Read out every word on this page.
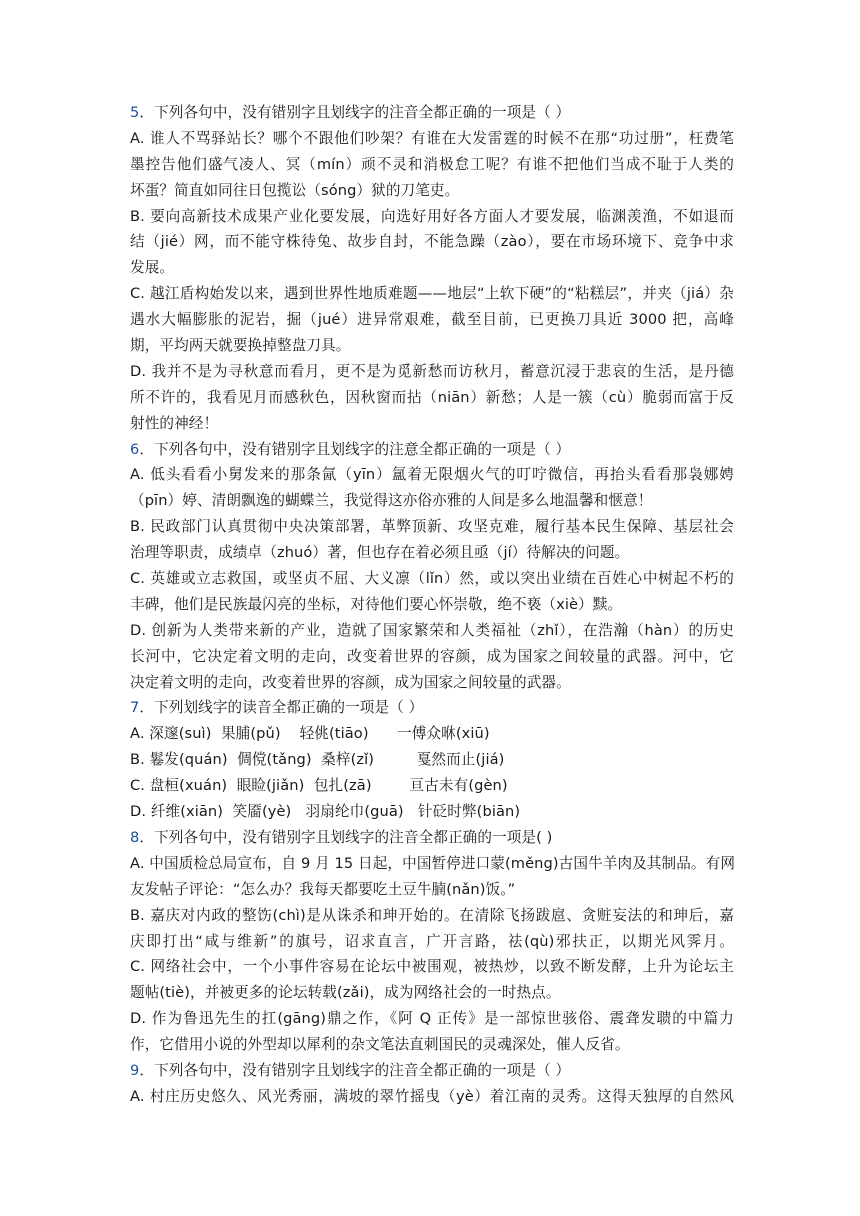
5．下列各句中，没有错别字且划线字的注音全都正确的一项是（ ）
A. 谁人不骂驿站长？哪个不跟他们吵架？有谁在大发雷霆的时候不在那“功过册”，枉费笔
墨控告他们盛气凌人、冥（mín）顽不灵和消极怠工呢？有谁不把他们当成不耻于人类的
坏蛋？简直如同往日包揽讼（sóng）狱的刀笔吏。
B. 要向高新技术成果产业化要发展，向选好用好各方面人才要发展，临渊羡渔，不如退而
结（jié）网，而不能守株待兔、故步自封，不能急躁（zào），要在市场环境下、竞争中求
发展。
C. 越江盾构始发以来，遇到世界性地质难题——地层“上软下硬”的“粘糕层”，并夹（jiá）杂
遇水大幅膨胀的泥岩，掘（jué）进异常艰难，截至目前，已更换刀具近 3000 把，高峰
期，平均两天就要换掉整盘刀具。
D. 我并不是为寻秋意而看月，更不是为觅新愁而访秋月，蓄意沉浸于悲哀的生活，是丹德
所不许的，我看见月而感秋色，因秋窗而拈（niān）新愁；人是一簇（cù）脆弱而富于反
射性的神经！
6．下列各句中，没有错别字且划线字的注意全都正确的一项是（ ）
A. 低头看看小舅发来的那条氤（yīn）氲着无限烟火气的叮咛微信，再抬头看看那袅娜娉
（pīn）婷、清朗飘逸的蝴蝶兰，我觉得这亦俗亦雅的人间是多么地温馨和惬意！
B. 民政部门认真贯彻中央决策部署，革弊顶新、攻坚克难，履行基本民生保障、基层社会
治理等职责，成绩卓（zhuó）著，但也存在着必须且亟（jí）待解决的问题。
C. 英雄或立志救国，或坚贞不屈、大义凛（lǐn）然，或以突出业绩在百姓心中树起不朽的
丰碑，他们是民族最闪亮的坐标，对待他们要心怀崇敬，绝不亵（xiè）黩。
D. 创新为人类带来新的产业，造就了国家繁荣和人类福祉（zhǐ），在浩瀚（hàn）的历史
长河中，它决定着文明的走向，改变着世界的容颜，成为国家之间较量的武器。河中，它
决定着文明的走向，改变着世界的容颜，成为国家之间较量的武器。
7．下列划线字的读音全都正确的一项是（ ）
A. 深邃(suì)  果脯(pǔ)    轻佻(tiāo)      一傅众咻(xiū)
B. 鬈发(quán)  倜傥(tǎng)  桑梓(zǐ)         戛然而止(jiá)
C. 盘桓(xuán)  眼睑(jiǎn)  包扎(zā)        亘古未有(gèn)
D. 纤维(xiān)  笑靥(yè)   羽扇纶巾(guā)   针砭时弊(biān)
8．下列各句中，没有错别字且划线字的注音全都正确的一项是( )
A. 中国质检总局宣布，自 9 月 15 日起，中国暂停进口蒙(měng)古国牛羊肉及其制品。有网
友发帖子评论：“怎么办？我每天都要吃土豆牛腩(nǎn)饭。”
B. 嘉庆对内政的整饬(chì)是从诛杀和珅开始的。在清除飞扬跋扈、贪赃妄法的和珅后，嘉
庆即打出“咸与维新”的旗号，诏求直言，广开言路，祛(qù)邪扶正，以期光风霁月。
C. 网络社会中，一个小事件容易在论坛中被围观，被热炒，以致不断发酵，上升为论坛主
题帖(tiè)，并被更多的论坛转载(zǎi)，成为网络社会的一时热点。
D. 作为鲁迅先生的扛(gāng)鼎之作，《阿 Q 正传》是一部惊世骇俗、震聋发聩的中篇力
作，它借用小说的外型却以犀利的杂文笔法直刺国民的灵魂深处，催人反省。
9．下列各句中，没有错别字且划线字的注音全都正确的一项是（ ）
A. 村庄历史悠久、风光秀丽，满坡的翠竹摇曳（yè）着江南的灵秀。这得天独厚的自然风
